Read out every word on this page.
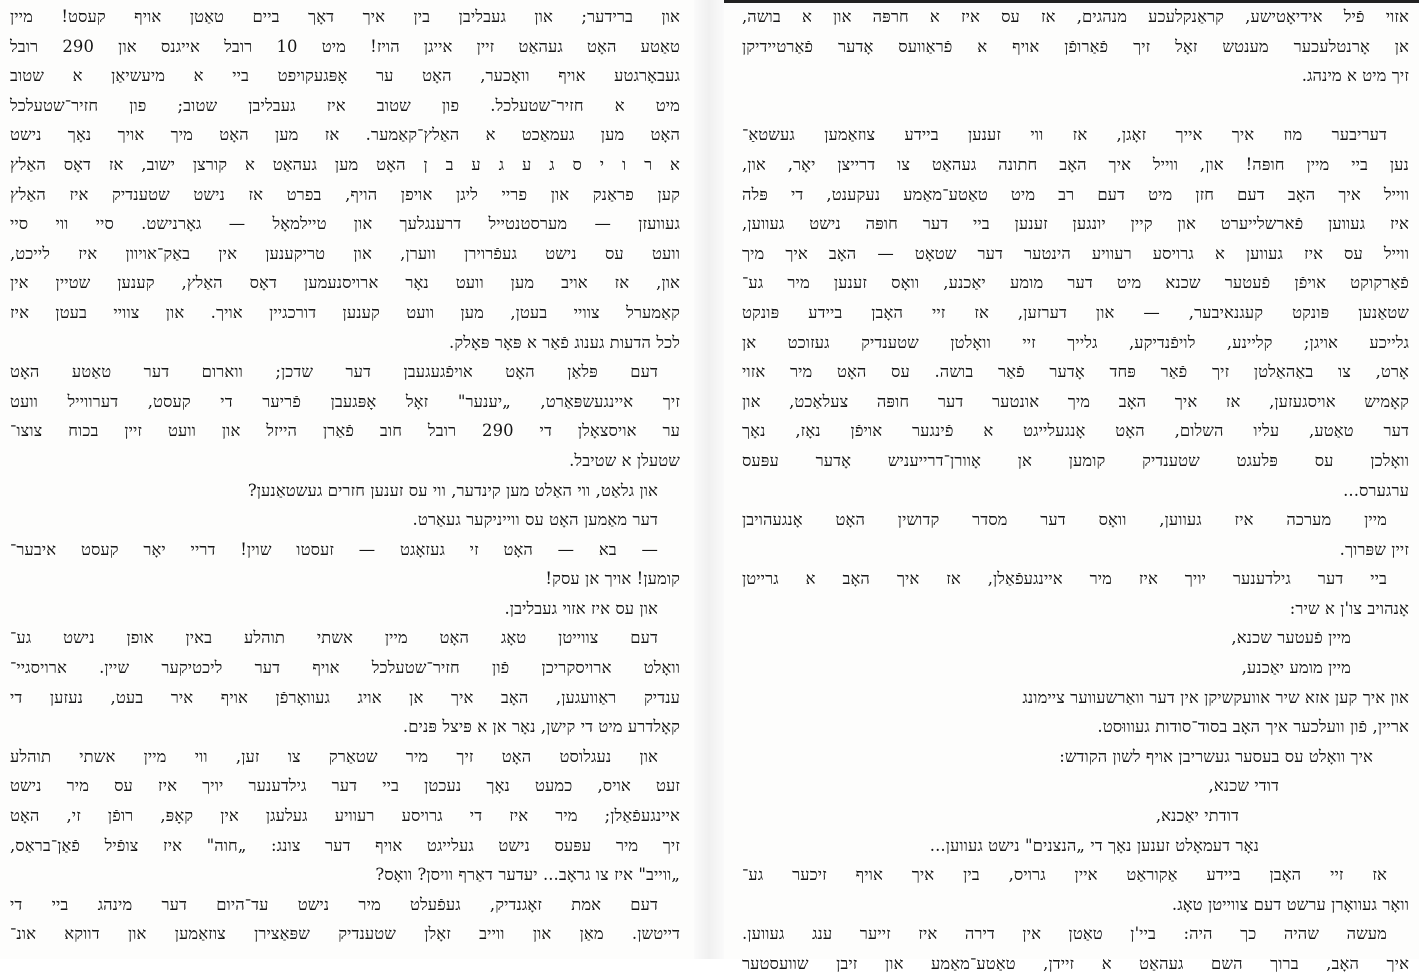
און ברידער; און געבליבן בין איך דאָך ביים טאַטן אויף קעסט! מיין
טאַטע האָט געהאַט זיין אייגן הויז! מיט 10 רובל אייגנס און 290 רובל
געבאָרגטע אויף וואָכער, האָט ער אָפּגעקויפט ביי א מיעשיאַן א שטוב
מיט א חזיר־שטעלכל. פון שטוב איז געבליבן שטוב; פון חזיר־שטעלכל
האָט מען געמאַכט א האַלץ־קאַמער. אז מען האָט מיך אויך נאָך נישט
א ר ו י ס ג ע ג ע ב ן האָט מען געהאַט א קורצן ישוב, אז דאָס האַלץ
קען פראַנק און פריי ליגן אויפן הויף, בפרט אז נישט שטענדיק איז האַלץ
געוועזן — מערסטנטייל דרענגלעך און טיילמאָל — גאָרנישט. סיי ווי סיי
וועט עס נישט געפֿרוירן ווערן, און טריקענען אין באַק־אויוון איז לייכט,
און, אז אויב מען וועט נאָר ארויסנעמען דאָס האַלץ, קענען שטיין אין
קאַמערל צוויי בעטן, מען וועט קענען דורכגיין אויך. און צוויי בעטן איז
לכל הדעות גענוג פֿאַר א פּאָר פּאָלק.
דעם פּלאַן האָט אויפֿגעגעבן דער שדכן; ווארום דער טאַטע האָט
זיך איינגעשפּאַרט, „יענער" זאָל אָפּגעבן פֿריער די קעסט, דערווייל וועט
ער אויסצאָלן די 290 רובל חוב פֿאַרן הייזל און וועט זיין בכוח צוצו־
שטעלן א שטיבל.
און גלאַט, ווי האַלט מען קינדער, ווי עס זענען חזרים געשטאַנען?
דער מאַמען האָט עס ווייניקער געאַרט.
— בא — האָט זי געזאָגט — זעסטו שוין! דריי יאָר קעסט איבער־
קומען! אויך אן עסק!
און עס איז אזוי געבליבן.
דעם צווייטן טאָג האָט מיין אשתי תוהלע באין אופן נישט גע־
וואָלט ארויסקריכן פֿון חזיר־שטעלכל אויף דער ליכטיקער שיין. ארויסגיי־
ענדיק ראַוועגען, האָב איך אן אויג געוואָרפֿן אויף איר בעט, נעזען די
קאָלדרע מיט די קישן, נאָר אן א פּיצל פּנים.
און נעגלוסט האָט זיך מיר שטאַרק צו זען, ווי מיין אשתי תוהלע
זעט אויס, כמעט נאָך נעכטן ביי דער גילדענער יויך איז עס מיר נישט
איינגעפֿאַלן; מיר איז די גרויסע רעוויע געלעגן אין קאָפּ, רופֿן זי, האָט
זיך מיר עפּעס נישט געלייגט אויף דער צונג: „חוה" איז צופֿיל פֿאַן־בראַס,
„ווייב" איז צו גראָב... יעדער דאַרף וויסן? וואָס?
דעם אמת זאָגנדיק, געפֿעלט מיר נישט עד־היום דער מינהג ביי די
דייטשן. מאַן און ווייב זאָלן שטענדיק שפּאַצירן צוזאַמען און דווקא אונ־
אזוי פֿיל אידיאָטישע, קראַנקלעכע מנהגים, אז עס איז א חרפּה און א בושה,
אן אָרנטלעכער מענטש זאָל זיך פֿאַרופֿן אויף א פֿראַוועס אָדער פֿאַרטיידיקן
זיך מיט א מינהג.
דעריבער מוז איך אייך זאָגן, אז ווי זענען ביידע צוזאַמען געשטאַ־
נען ביי מיין חופּה! און, ווייל איך האָב חתונה געהאַט צו דרייצן יאָר, און,
ווייל איך האָב דעם חזן מיט דעם רב מיט טאַטע־מאַמע נעקענט, די פּלה
איז געווען פֿארשלייערט און קיין יונגען זענען ביי דער חופּה נישט געווען,
ווייל עס איז געווען א גרויסע רעוויע הינטער דער שטאָט — האָב איך מיך
פֿאַרקוקט אויפֿן פֿעטער שכנא מיט דער מומע יאַכנע, וואָס זענען מיר גע־
שטאַנען פּונקט קעגנאיבער, — און דערזען, אז זיי האָבן ביידע פּונקט
גלייכע אויגן; קליינע, לויפֿנדיקע, גלייך זיי וואָלטן שטענדיק געזוכט אן
אָרט, צו באַהאַלטן זיך פֿאַר פּחד אָדער פֿאַר בושה. עס האָט מיר אזוי
קאָמיש אויסגעזען, אז איך האָב מיך אונטער דער חופּה צעלאַכט, און
דער טאַטע, עליו השלום, האָט אָנגעלייגט א פֿינגער אויפֿן נאָז, נאָך
וואָלכן עס פּלעגט שטענדיק קומען אן אָוורן־דרייעניש אָדער עפּעס
ערגערס...
מיין מערכה איז געווען, וואָס דער מסדר קדושין האָט אָנגעהויבן
זיין שפּרוך.
ביי דער גילדענער יויך איז מיר איינגעפֿאַלן, אז איך האָב א גרייטן
אָנהויב צו'ן א שיר:
מיין פֿעטער שכנא,
מיין מומע יאַכנע,
און איך קען אזא שיר אוועקשיקן אין דער וואַרשעווער ציימונג
אריין, פֿון וועלכער איך האָב בסוד־סודות געוווּסט.
איך וואָלט עס בעסער געשריבן אויף לשון הקודש:
דודי שכנא,
דודתי יאַכנא,
נאָר דעמאָלט זענען נאָך די „הנצנים" נישט געווען...
אז זיי האָבן ביידע אַקוראַט איין גרויס, בין איך אויף זיכער גע־
וואָר געוואָרן ערשט דעם צווייטן טאָג.
מעשה שהיה כך היה: ביי'ן טאַטן אין דירה איז זייער ענג געווען.
איך האָב, ברוך השם געהאַט א זיידן, טאַטע־מאַמע און זיבן שוועסטער
